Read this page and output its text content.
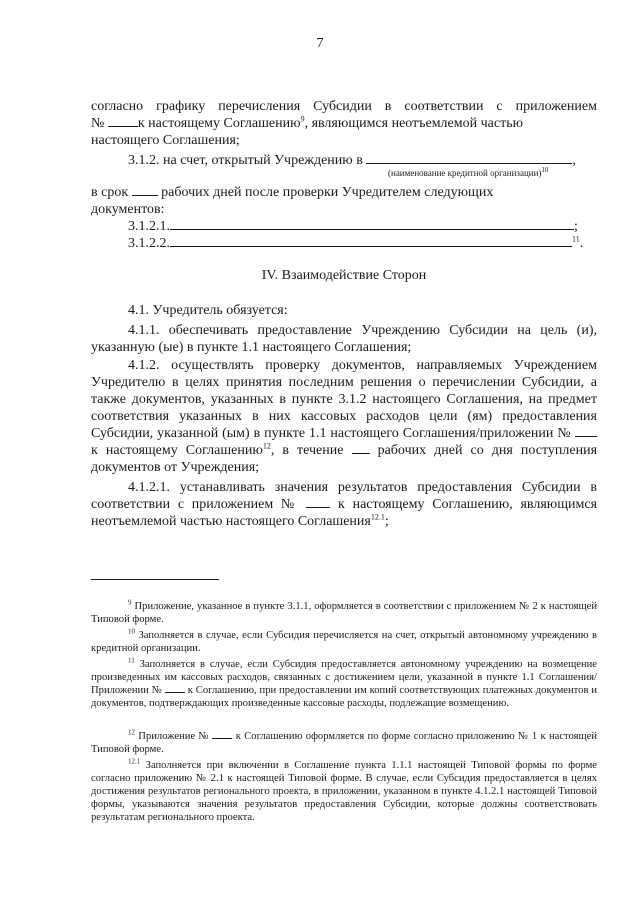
7
согласно графику перечисления Субсидии в соответствии с приложением
№ к настоящему Соглашению$^9$, являющимся неотъемлемой частью
настоящего Соглашения;
3.1.2. на счет, открытый Учреждению в	,
(наименование кредитной организации)$^{10}$
в срок рабочих дней после проверки Учредителем следующих
документов:
3.1.2.1.	;
3.1.2.2.	$^{11}$.
IV. Взаимодействие Сторон
4.1. Учредитель обязуется:
4.1.1. обеспечивать предоставление Учреждению Субсидии на цель (и), указанную (ые) в пункте 1.1 настоящего Соглашения;
4.1.2. осуществлять проверку документов, направляемых Учреждением Учредителю в целях принятия последним решения о перечислении Субсидии, а также документов, указанных в пункте 3.1.2 настоящего Соглашения, на предмет соответствия указанных в них кассовых расходов цели (ям) предоставления Субсидии, указанной (ым) в пункте 1.1 настоящего Соглашения/приложении №  к настоящему Соглашению$^{12}$, в течение рабочих дней со дня поступления документов от Учреждения;
4.1.2.1. устанавливать значения результатов предоставления Субсидии в соответствии с приложением №	к настоящему Соглашению, являющимся неотъемлемой частью настоящего Соглашения$^{12.1}$;
$^9$ Приложение, указанное в пункте 3.1.1, оформляется в соответствии с приложением № 2 к настоящей Типовой форме.
$^{10}$ Заполняется в случае, если Субсидия перечисляется на счет, открытый автономному учреждению в кредитной организации.
$^{11}$ Заполняется в случае, если Субсидия предоставляется автономному учреждению на возмещение произведенных им кассовых расходов, связанных с достижением цели, указанной в пункте 1.1 Соглашения/Приложении № к Соглашению, при предоставлении им копий соответствующих платежных документов и документов, подтверждающих произведенные кассовые расходы, подлежащие возмещению.
$^{12}$ Приложение №	к Соглашению оформляется по форме согласно приложению № 1 к настоящей Типовой форме.
$^{12.1}$ Заполняется при включении в Соглашение пункта 1.1.1 настоящей Типовой формы по форме согласно приложению № 2.1 к настоящей Типовой форме. В случае, если Субсидия предоставляется в целях достижения результатов регионального проекта, в приложении, указанном в пункте 4.1.2.1 настоящей Типовой формы, указываются значения результатов предоставления Субсидии, которые должны соответствовать результатам регионального проекта.
